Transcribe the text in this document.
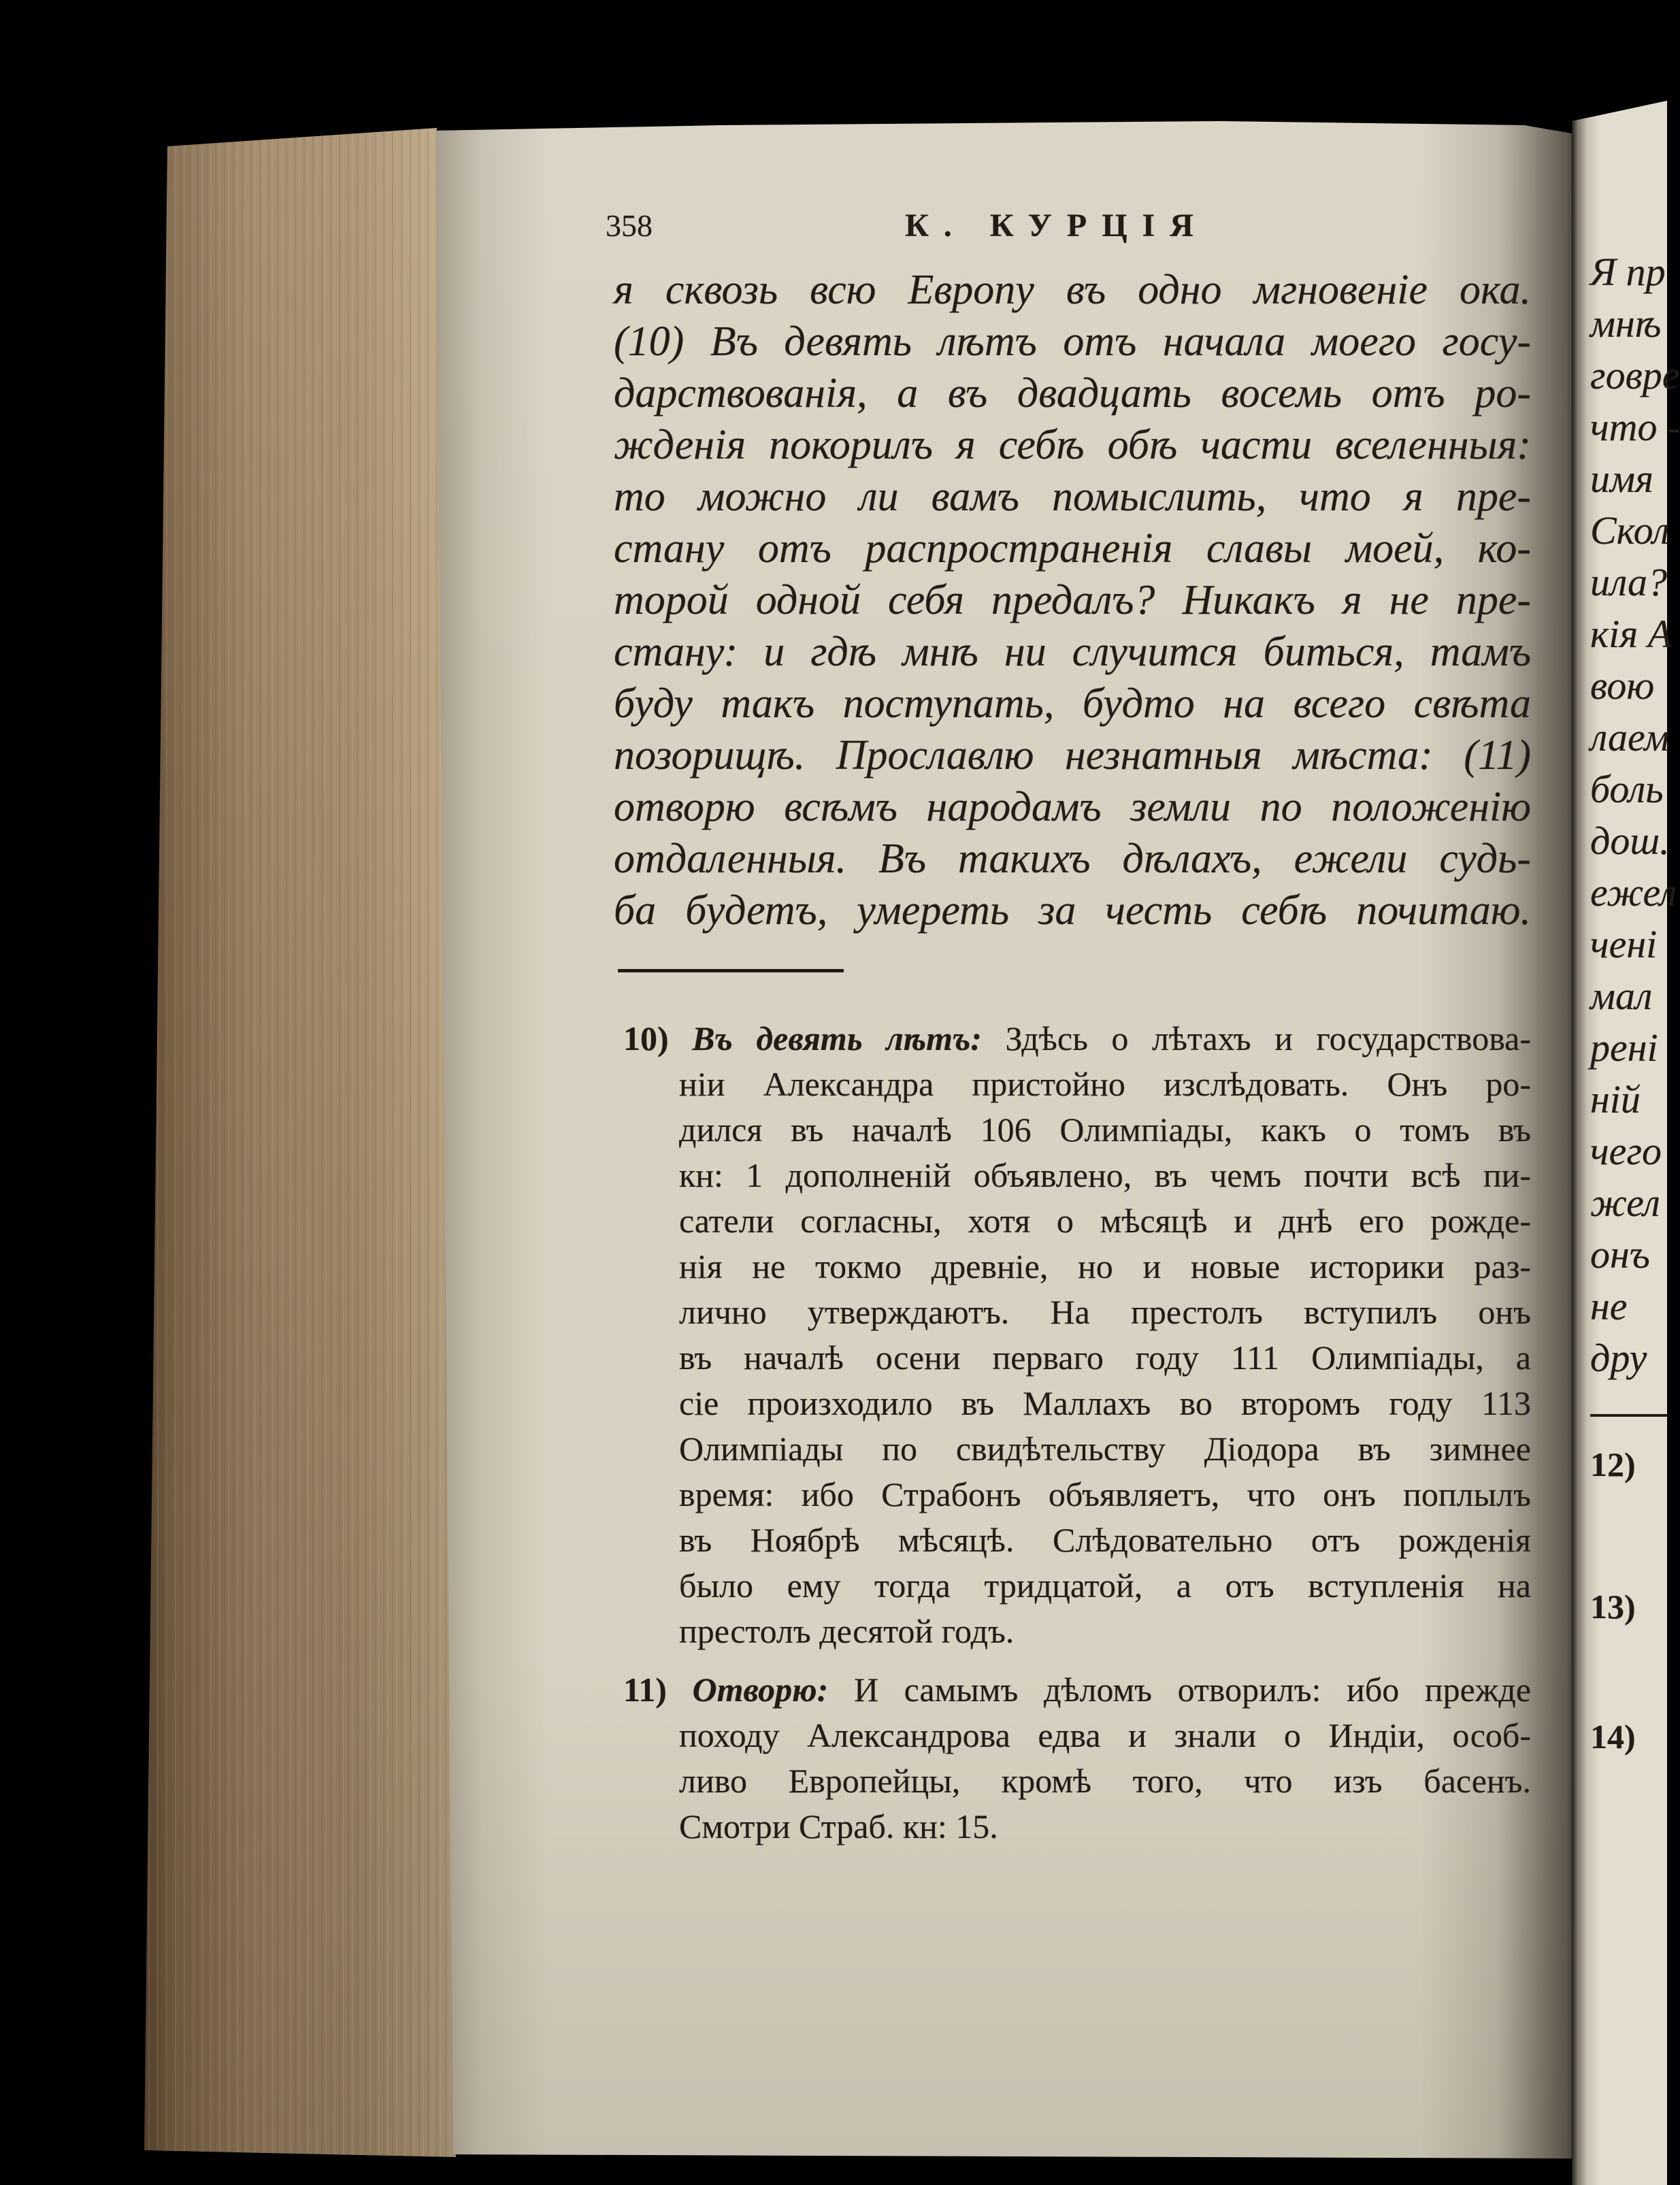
358	К. КУРЦІЯ
я сквозь всю Европу въ одно мгновеніе ока.
(10) Въ девять лѣтъ отъ начала моего госу-
дарствованія, а въ двадцать восемь отъ ро-
жденія покорилъ я себѣ обѣ части вселенныя:
то можно ли вамъ помыслить, что я пре-
стану отъ распространенія славы моей, ко-
торой одной себя предалъ? Никакъ я не пре-
стану: и гдѣ мнѣ ни случится биться, тамъ
буду такъ поступать, будто на всего свѣта
позорищѣ. Прославлю незнатныя мѣста: (11)
отворю всѣмъ народамъ земли по положенію
отдаленныя. Въ такихъ дѣлахъ, ежели судь-
ба будетъ, умереть за честь себѣ почитаю.
10) Въ девять лѣтъ: Здѣсь о лѣтахъ и государствова-
ніи Александра пристойно изслѣдовать. Онъ ро-
дился въ началѣ 106 Олимпіады, какъ о томъ въ
кн: 1 дополненій объявлено, въ чемъ почти всѣ пи-
сатели согласны, хотя о мѣсяцѣ и днѣ его рожде-
нія не токмо древніе, но и новые историки раз-
лично утверждаютъ. На престолъ вступилъ онъ
въ началѣ осени перваго году 111 Олимпіады, а
сіе произходило въ Маллахъ во второмъ году 113
Олимпіады по свидѣтельству Діодора въ зимнее
время: ибо Страбонъ объявляетъ, что онъ поплылъ
въ Ноябрѣ мѣсяцѣ. Слѣдовательно отъ рожденія
было ему тогда тридцатой, а отъ вступленія на
престолъ десятой годъ.
11) Отворю: И самымъ дѣломъ отворилъ: ибо прежде
походу Александрова едва и знали о Индіи, особ-
ливо Европейцы, кромѣ того, что изъ басенъ.
Смотри Страб. кн: 15.
Я пр
мнѣ
говре
что -
имя
Скол
ила?
кія А
вою
лаем
боль
дош.
ежел
чені
мал
рені
ній
чего
жел
онъ
не
дру
12)
13)
14)
